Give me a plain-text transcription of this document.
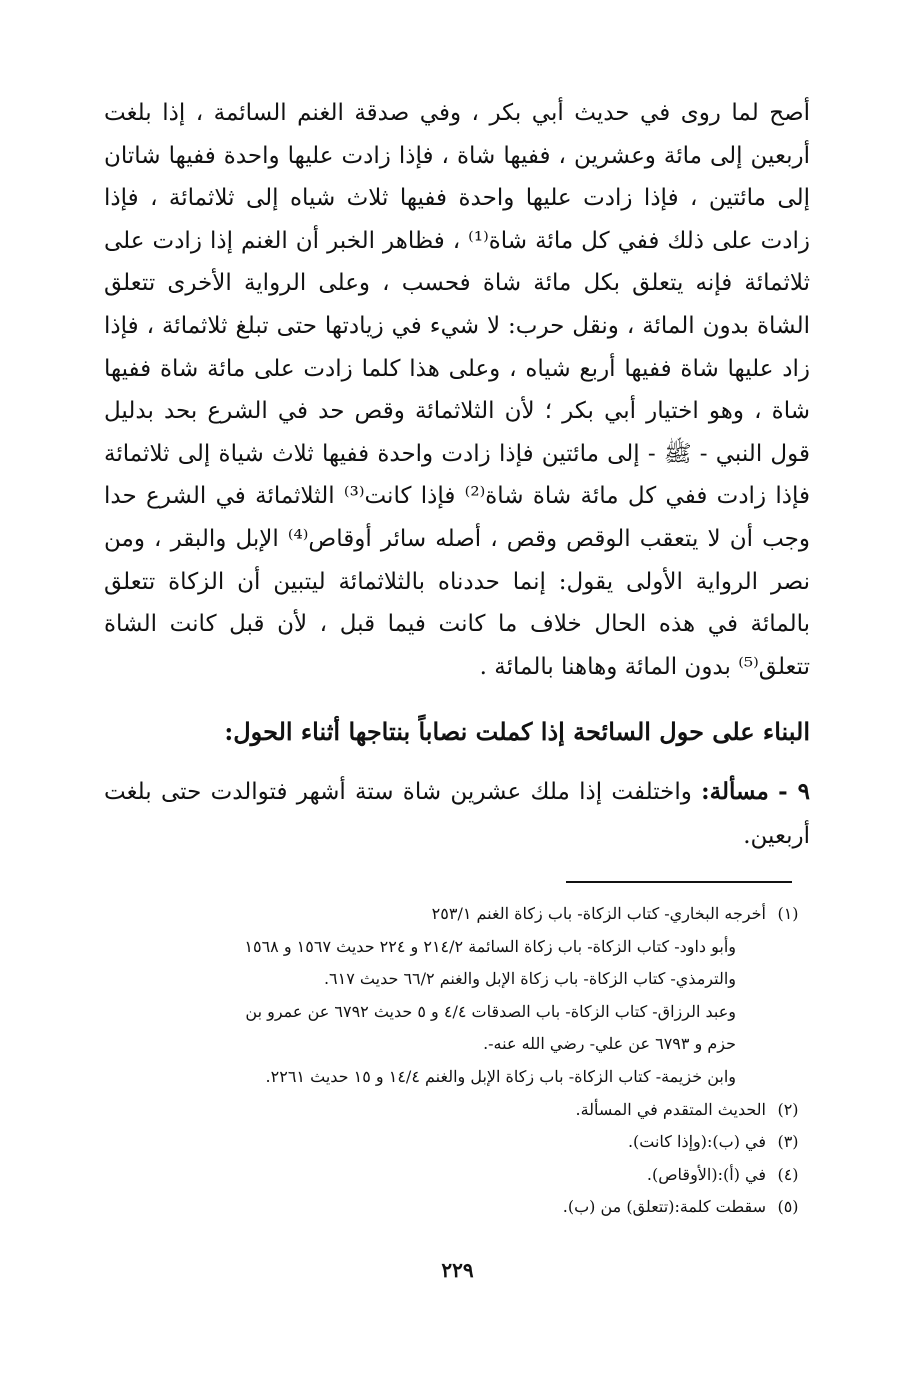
أصح لما روى في حديث أبي بكر ، وفي صدقة الغنم السائمة ، إذا بلغت أربعين إلى مائة وعشرين ، ففيها شاة ، فإذا زادت عليها واحدة ففيها شاتان إلى مائتين ، فإذا زادت عليها واحدة ففيها ثلاث شياه إلى ثلاثمائة ، فإذا زادت على ذلك ففي كل مائة شاة⁽¹⁾ ، فظاهر الخبر أن الغنم إذا زادت على ثلاثمائة فإنه يتعلق بكل مائة شاة فحسب ، وعلى الرواية الأخرى تتعلق الشاة بدون المائة ، ونقل حرب: لا شيء في زيادتها حتى تبلغ ثلاثمائة ، فإذا زاد عليها شاة ففيها أربع شياه ، وعلى هذا كلما زادت على مائة شاة ففيها شاة ، وهو اختيار أبي بكر ؛ لأن الثلاثمائة وقص حد في الشرع بحد بدليل قول النبي - ﷺ - إلى مائتين فإذا زادت واحدة ففيها ثلاث شياة إلى ثلاثمائة فإذا زادت ففي كل مائة شاة شاة⁽²⁾ فإذا كانت⁽³⁾ الثلاثمائة في الشرع حدا وجب أن لا يتعقب الوقص وقص ، أصله سائر أوقاص⁽⁴⁾ الإبل والبقر ، ومن نصر الرواية الأولى يقول: إنما حددناه بالثلاثمائة ليتبين أن الزكاة تتعلق بالمائة في هذه الحال خلاف ما كانت فيما قبل ، لأن قبل كانت الشاة تتعلق⁽⁵⁾ بدون المائة وهاهنا بالمائة .

البناء على حول السائحة إذا كملت نصاباً بنتاجها أثناء الحول:

٩ - مسألة: واختلفت إذا ملك عشرين شاة ستة أشهر فتوالدت حتى بلغت أربعين.

(١)
أخرجه البخاري- كتاب الزكاة- باب زكاة الغنم ٢٥٣/١
وأبو داود- كتاب الزكاة- باب زكاة السائمة ٢١٤/٢ و ٢٢٤ حديث ١٥٦٧ و ١٥٦٨
والترمذي- كتاب الزكاة- باب زكاة الإبل والغنم ٦٦/٢ حديث ٦١٧.
وعبد الرزاق- كتاب الزكاة- باب الصدقات ٤/٤ و ٥ حديث ٦٧٩٢ عن عمرو بن
حزم و ٦٧٩٣ عن علي- رضي الله عنه-.
وابن خزيمة- كتاب الزكاة- باب زكاة الإبل والغنم ١٤/٤ و ١٥ حديث ٢٢٦١.
(٢)
الحديث المتقدم في المسألة.
(٣)
في (ب):(وإذا كانت).
(٤)
في (أ):(الأوقاص).
(٥)
سقطت كلمة:(تتعلق) من (ب).
٢٢٩
